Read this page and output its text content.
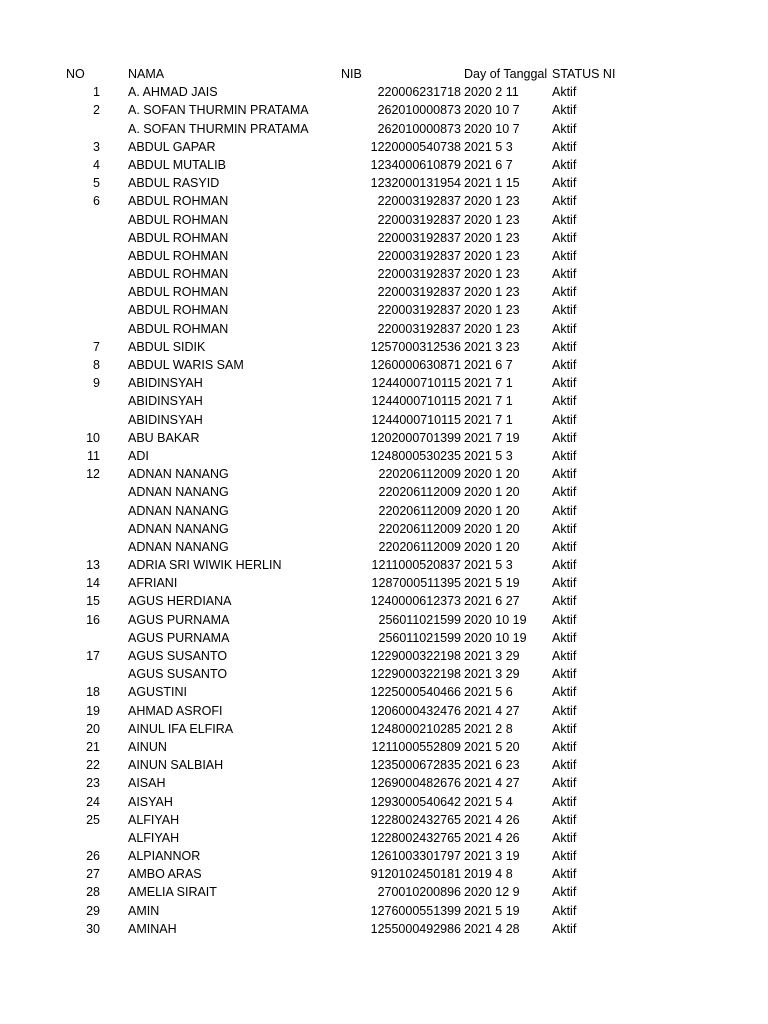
NO	NAMA	NIB	Day of Tanggal STATUS NI
1 A. AHMAD JAIS	220006231718 2020 2 11	Aktif
2 A. SOFAN THURMIN PRATAMA	262010000873 2020 10 7	Aktif
A. SOFAN THURMIN PRATAMA	262010000873 2020 10 7	Aktif
3 ABDUL GAPAR	1220000540738 2021 5 3	Aktif
4 ABDUL MUTALIB	1234000610879 2021 6 7	Aktif
5 ABDUL RASYID	1232000131954 2021 1 15	Aktif
6 ABDUL ROHMAN	220003192837 2020 1 23	Aktif
ABDUL ROHMAN	220003192837 2020 1 23	Aktif
ABDUL ROHMAN	220003192837 2020 1 23	Aktif
ABDUL ROHMAN	220003192837 2020 1 23	Aktif
ABDUL ROHMAN	220003192837 2020 1 23	Aktif
ABDUL ROHMAN	220003192837 2020 1 23	Aktif
ABDUL ROHMAN	220003192837 2020 1 23	Aktif
ABDUL ROHMAN	220003192837 2020 1 23	Aktif
7 ABDUL SIDIK	1257000312536 2021 3 23	Aktif
8 ABDUL WARIS SAM	1260000630871 2021 6 7	Aktif
9 ABIDINSYAH	1244000710115 2021 7 1	Aktif
ABIDINSYAH	1244000710115 2021 7 1	Aktif
ABIDINSYAH	1244000710115 2021 7 1	Aktif
10 ABU BAKAR	1202000701399 2021 7 19	Aktif
11 ADI	1248000530235 2021 5 3	Aktif
12 ADNAN NANANG	220206112009 2020 1 20	Aktif
ADNAN NANANG	220206112009 2020 1 20	Aktif
ADNAN NANANG	220206112009 2020 1 20	Aktif
ADNAN NANANG	220206112009 2020 1 20	Aktif
ADNAN NANANG	220206112009 2020 1 20	Aktif
13 ADRIA SRI WIWIK HERLIN	1211000520837 2021 5 3	Aktif
14 AFRIANI	1287000511395 2021 5 19	Aktif
15 AGUS HERDIANA	1240000612373 2021 6 27	Aktif
16 AGUS PURNAMA	256011021599 2020 10 19 Aktif
AGUS PURNAMA	256011021599 2020 10 19 Aktif
17 AGUS SUSANTO	1229000322198 2021 3 29	Aktif
AGUS SUSANTO	1229000322198 2021 3 29	Aktif
18 AGUSTINI	1225000540466 2021 5 6	Aktif
19 AHMAD ASROFI	1206000432476 2021 4 27	Aktif
20 AINUL IFA ELFIRA	1248000210285 2021 2 8	Aktif
21 AINUN	1211000552809 2021 5 20	Aktif
22 AINUN SALBIAH	1235000672835 2021 6 23	Aktif
23 AISAH	1269000482676 2021 4 27	Aktif
24 AISYAH	1293000540642 2021 5 4	Aktif
25 ALFIYAH	1228002432765 2021 4 26	Aktif
ALFIYAH	1228002432765 2021 4 26	Aktif
26 ALPIANNOR	1261003301797 2021 3 19	Aktif
27 AMBO ARAS	9120102450181 2019 4 8	Aktif
28 AMELIA SIRAIT	270010200896 2020 12 9	Aktif
29 AMIN	1276000551399 2021 5 19	Aktif
30 AMINAH	1255000492986 2021 4 28	Aktif
